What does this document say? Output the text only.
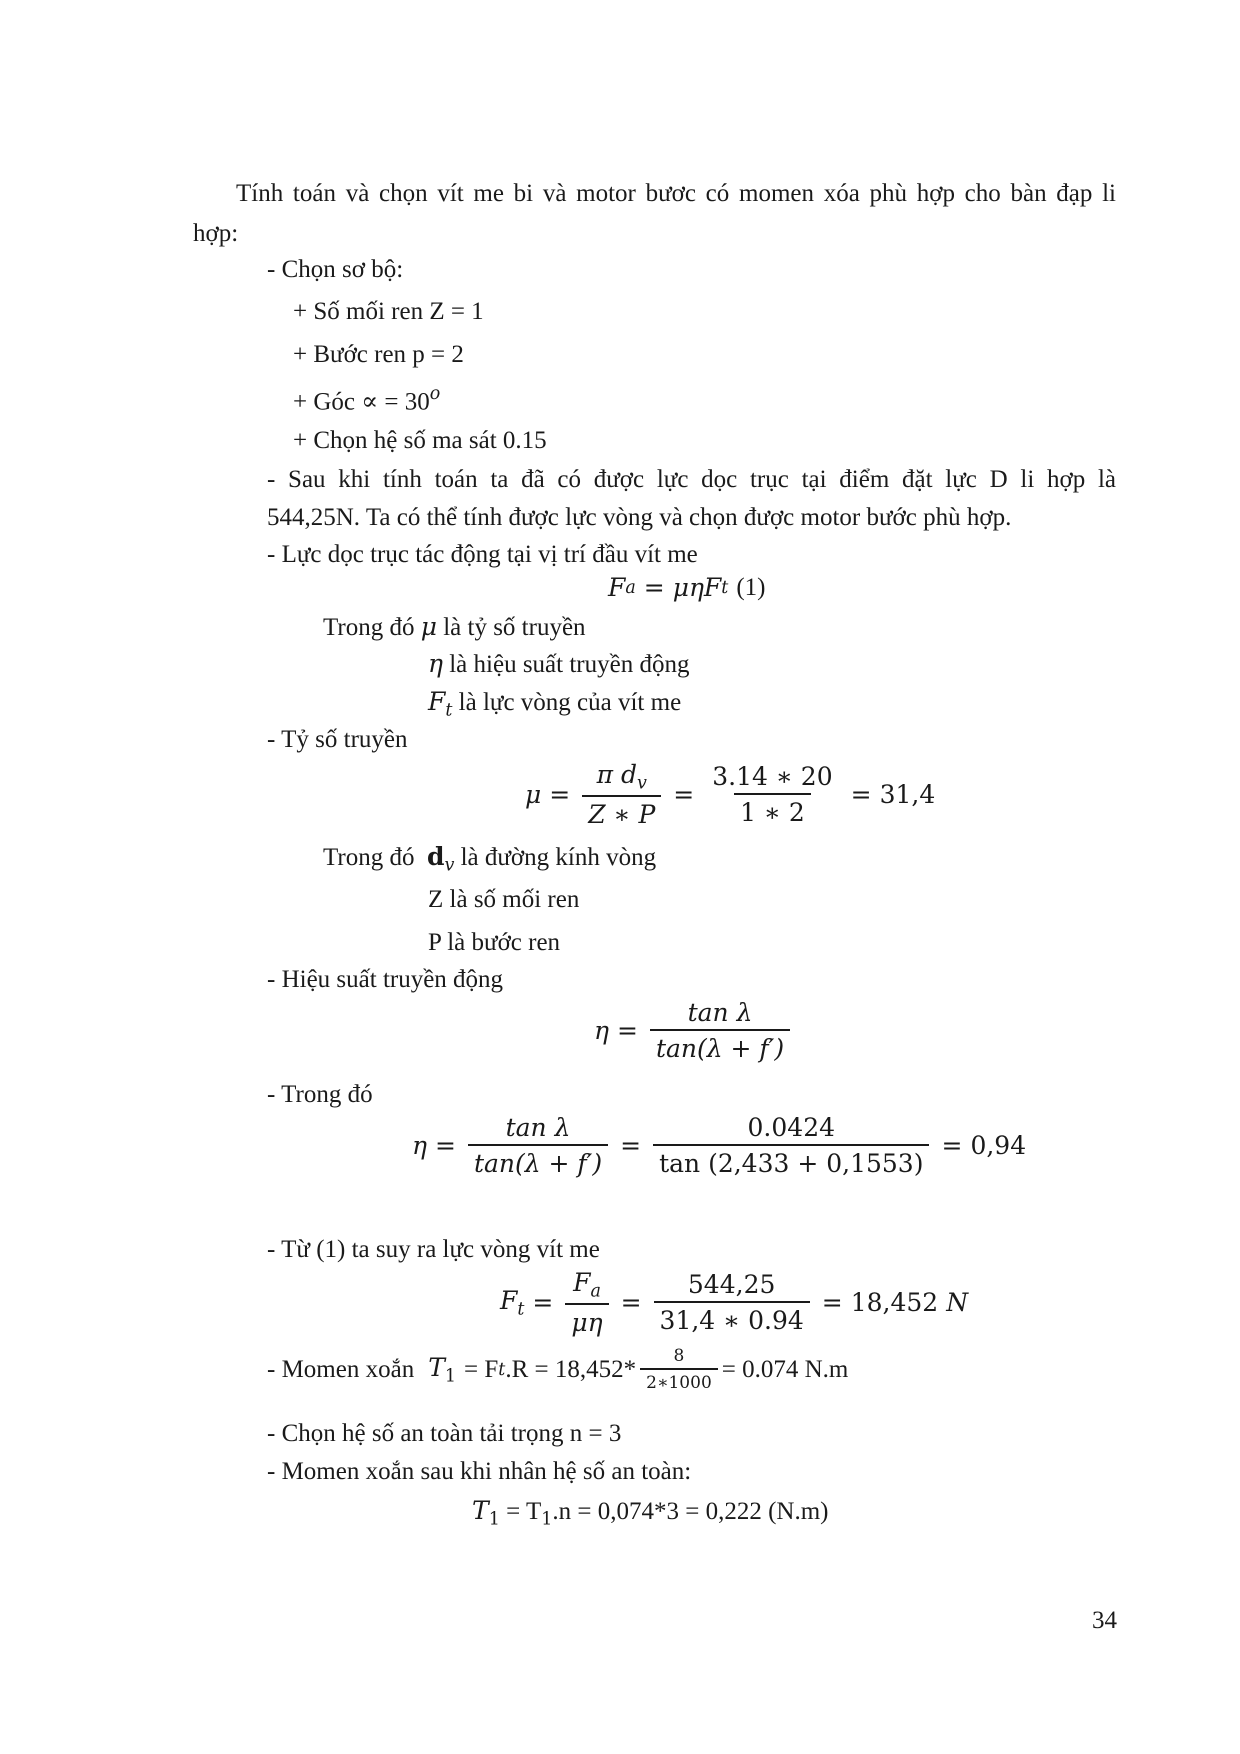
Tính toán và chọn vít me bi và motor bươc có momen xóa phù hợp cho bàn đạp li
hợp:
- Chọn sơ bộ:
+ Số mối ren Z = 1
+ Bước ren p = 2
+ Góc ∝ = $30^o$
+ Chọn hệ số ma sát 0.15
- Sau khi tính toán ta đã có được lực dọc trục tại điểm đặt lực D li hợp là
544,25N. Ta có thể tính được lực vòng và chọn được motor bước phù hợp.
- Lực dọc trục tác động tại vị trí đầu vít me
F a = μηF t (1)
Trong đó μ là tỷ số truyền
η là hiệu suất truyền động
$F_t$ là lực vòng của vít me
- Tỷ số truyền
$\mu = \frac{\pi d_v}{Z ∗ P} = \frac{3.14 ∗ 20}{1 ∗ 2} = 31,4$
Trong đó $d_v$ là đường kính vòng
Z là số mối ren
P là bước ren
- Hiệu suất truyền động
$\eta = \frac{\text{tan λ}}{\tan(\lambda + f')}$
- Trong đó
$\eta = \frac{\text{tan λ}}{\tan(\lambda + f')} = \frac{0.0424}{\tan (2,433 + 0,1553)} = 0,94$
- Từ (1) ta suy ra lực vòng vít me
$F_t = \frac{F_a}{\mu\eta} = \frac{544,25}{31,4 ∗ 0.94} = 18,452$ N
- Momen xoắn $T_1 = F$ t $.R = 18,452* \frac{8}{2∗1000} = 0.074$ N.m
- Chọn hệ số an toàn tải trọng n = 3
- Momen xoắn sau khi nhân hệ số an toàn:
$T_1 = T_1.n = 0,074*3 = 0,222$ (N.m)
34
